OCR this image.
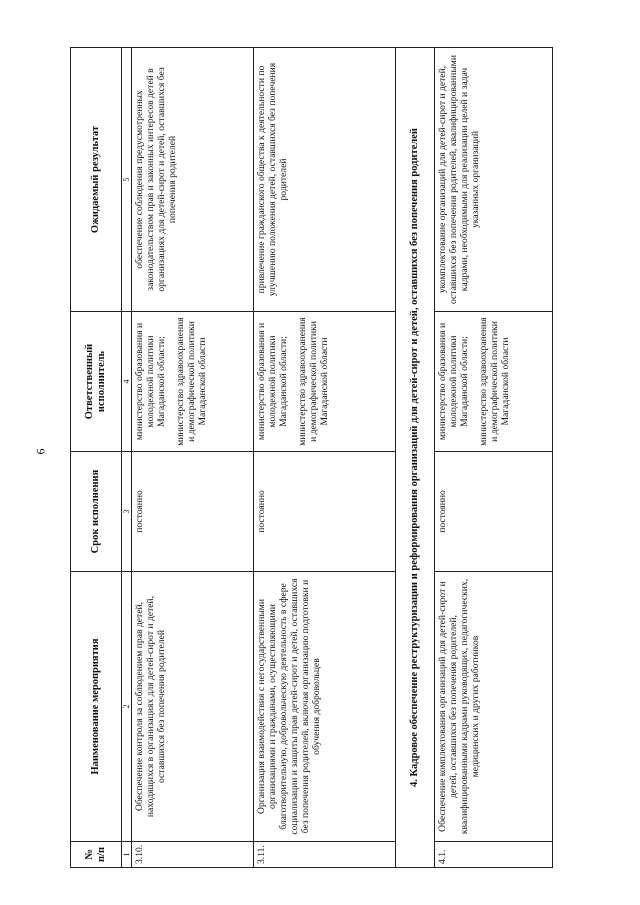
6
№ п/п	Наименование мероприятия	Срок исполнения	Ответственный исполнитель	Ожидаемый результат
1	2	3	4	5
3.10.	Обеспечение контроля за соблюдением прав детей, находящихся в организациях для детей-сирот и детей, оставшихся без попечения родителей	постоянно	министерство образования и молодежной политики Магаданской области; министерство здравоохранения и демографической политики Магаданской области	обеспечение соблюдения предусмотренных законодательством прав и законных интересов детей в организациях для детей-сирот и детей, оставшихся без попечения родителей
3.11.	Организация взаимодействия с негосударственными организациями и гражданами, осуществляющими благотворительную, добровольческую деятельность в сфере социализации и защиты прав детей-сирот и детей, оставшихся без попечения родителей, включая организацию подготовки и обучения добровольцев	постоянно	министерство образования и молодежной политики Магаданской области; министерство здравоохранения и демографической политики Магаданской области	привлечение гражданского общества к деятельности по улучшению положения детей, оставшихся без попечения родителей
4. Кадровое обеспечение реструктуризации и реформирования организаций для детей-сирот и детей, оставшихся без попечения родителей				
4.1.	Обеспечение комплектования организаций для детей-сирот и детей, оставшихся без попечения родителей, квалифицированными кадрами руководящих, педагогических, медицинских и других работников	постоянно	министерство образования и молодежной политики Магаданской области; министерство здравоохранения и демографической политики Магаданской области	укомплектование организаций для детей-сирот и детей, оставшихся без попечения родителей, квалифицированными кадрами, необходимыми для реализации целей и задач указанных организаций
